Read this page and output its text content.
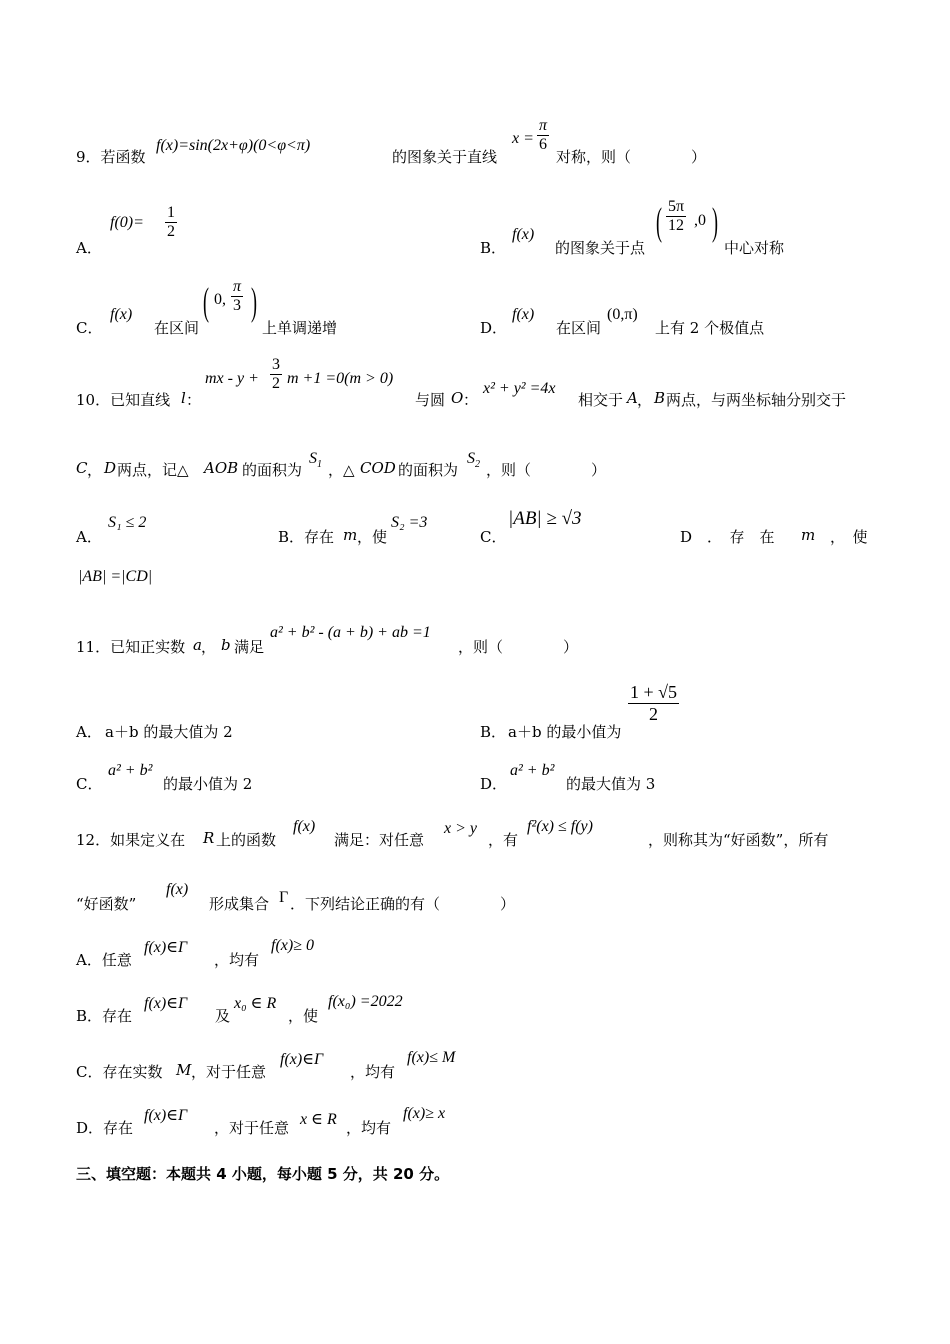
9．若函数
f(x)=sin(2x+φ)(0<φ<π)
的图象关于直线
$x = \frac{\pi}{6}$
对称，则（　　　　）
A．
$f(0)= \frac{1}{2}$
B．
f(x)
的图象关于点
( $\frac{5\pi}{12} ,0$ )
中心对称
C．
f(x)
在区间
( 0, $\frac{\pi}{3}$ )
上单调递增	D．
f(x)
在区间
(0,π)
上有 2 个极值点
10．已知直线 l ：
mx - $y + \frac{3}{2}$ m +1 =0(m > 0)
与圆 O ：
x² + y² =4x
相交于 A ， B 两点，与两坐标轴分别交于
C ， D 两点，记△ AOB 的面积为
$S_1$ ，△ COD 的面积为
$S_2$ ，则（　　　　）
A．
S₁ ≤ 2
B．存在 m ，使
S₂ =3
C．
|AB| ≥ √3
D　．　存　在　 m 　，　使
|AB| =|CD|
11．已知正实数 a ， b 满足
a² + b² - (a + b) + ab =1
，则（　　　　）
A． a＋b 的最大值为 2	B． a＋b 的最小值为
$\frac{1 + √5}{2}$
C．
a² + b²
的最小值为 2	D．
a² + b²
的最大值为 3
12．如果定义在 R 上的函数
f(x)
满足：对任意
x > y
，有
f²(x) ≤ f(y)
，则称其为“好函数”，所有
“好函数”
f(x)
形成集合 Γ ．下列结论正确的有（　　　　）
A．任意
f(x)∈Γ
，均有
f(x)≥ 0
B．存在
f(x)∈Γ
及
x₀ ∈ R
，使
f(x₀) =2022
C．存在实数 M ，对于任意
f(x)∈Γ
，均有
f(x)≤ M
D．存在
f(x)∈Γ
，对于任意 x ∈ R ，均有
f(x)≥ x
三、填空题：本题共 4 小题，每小题 5 分，共 20 分。
